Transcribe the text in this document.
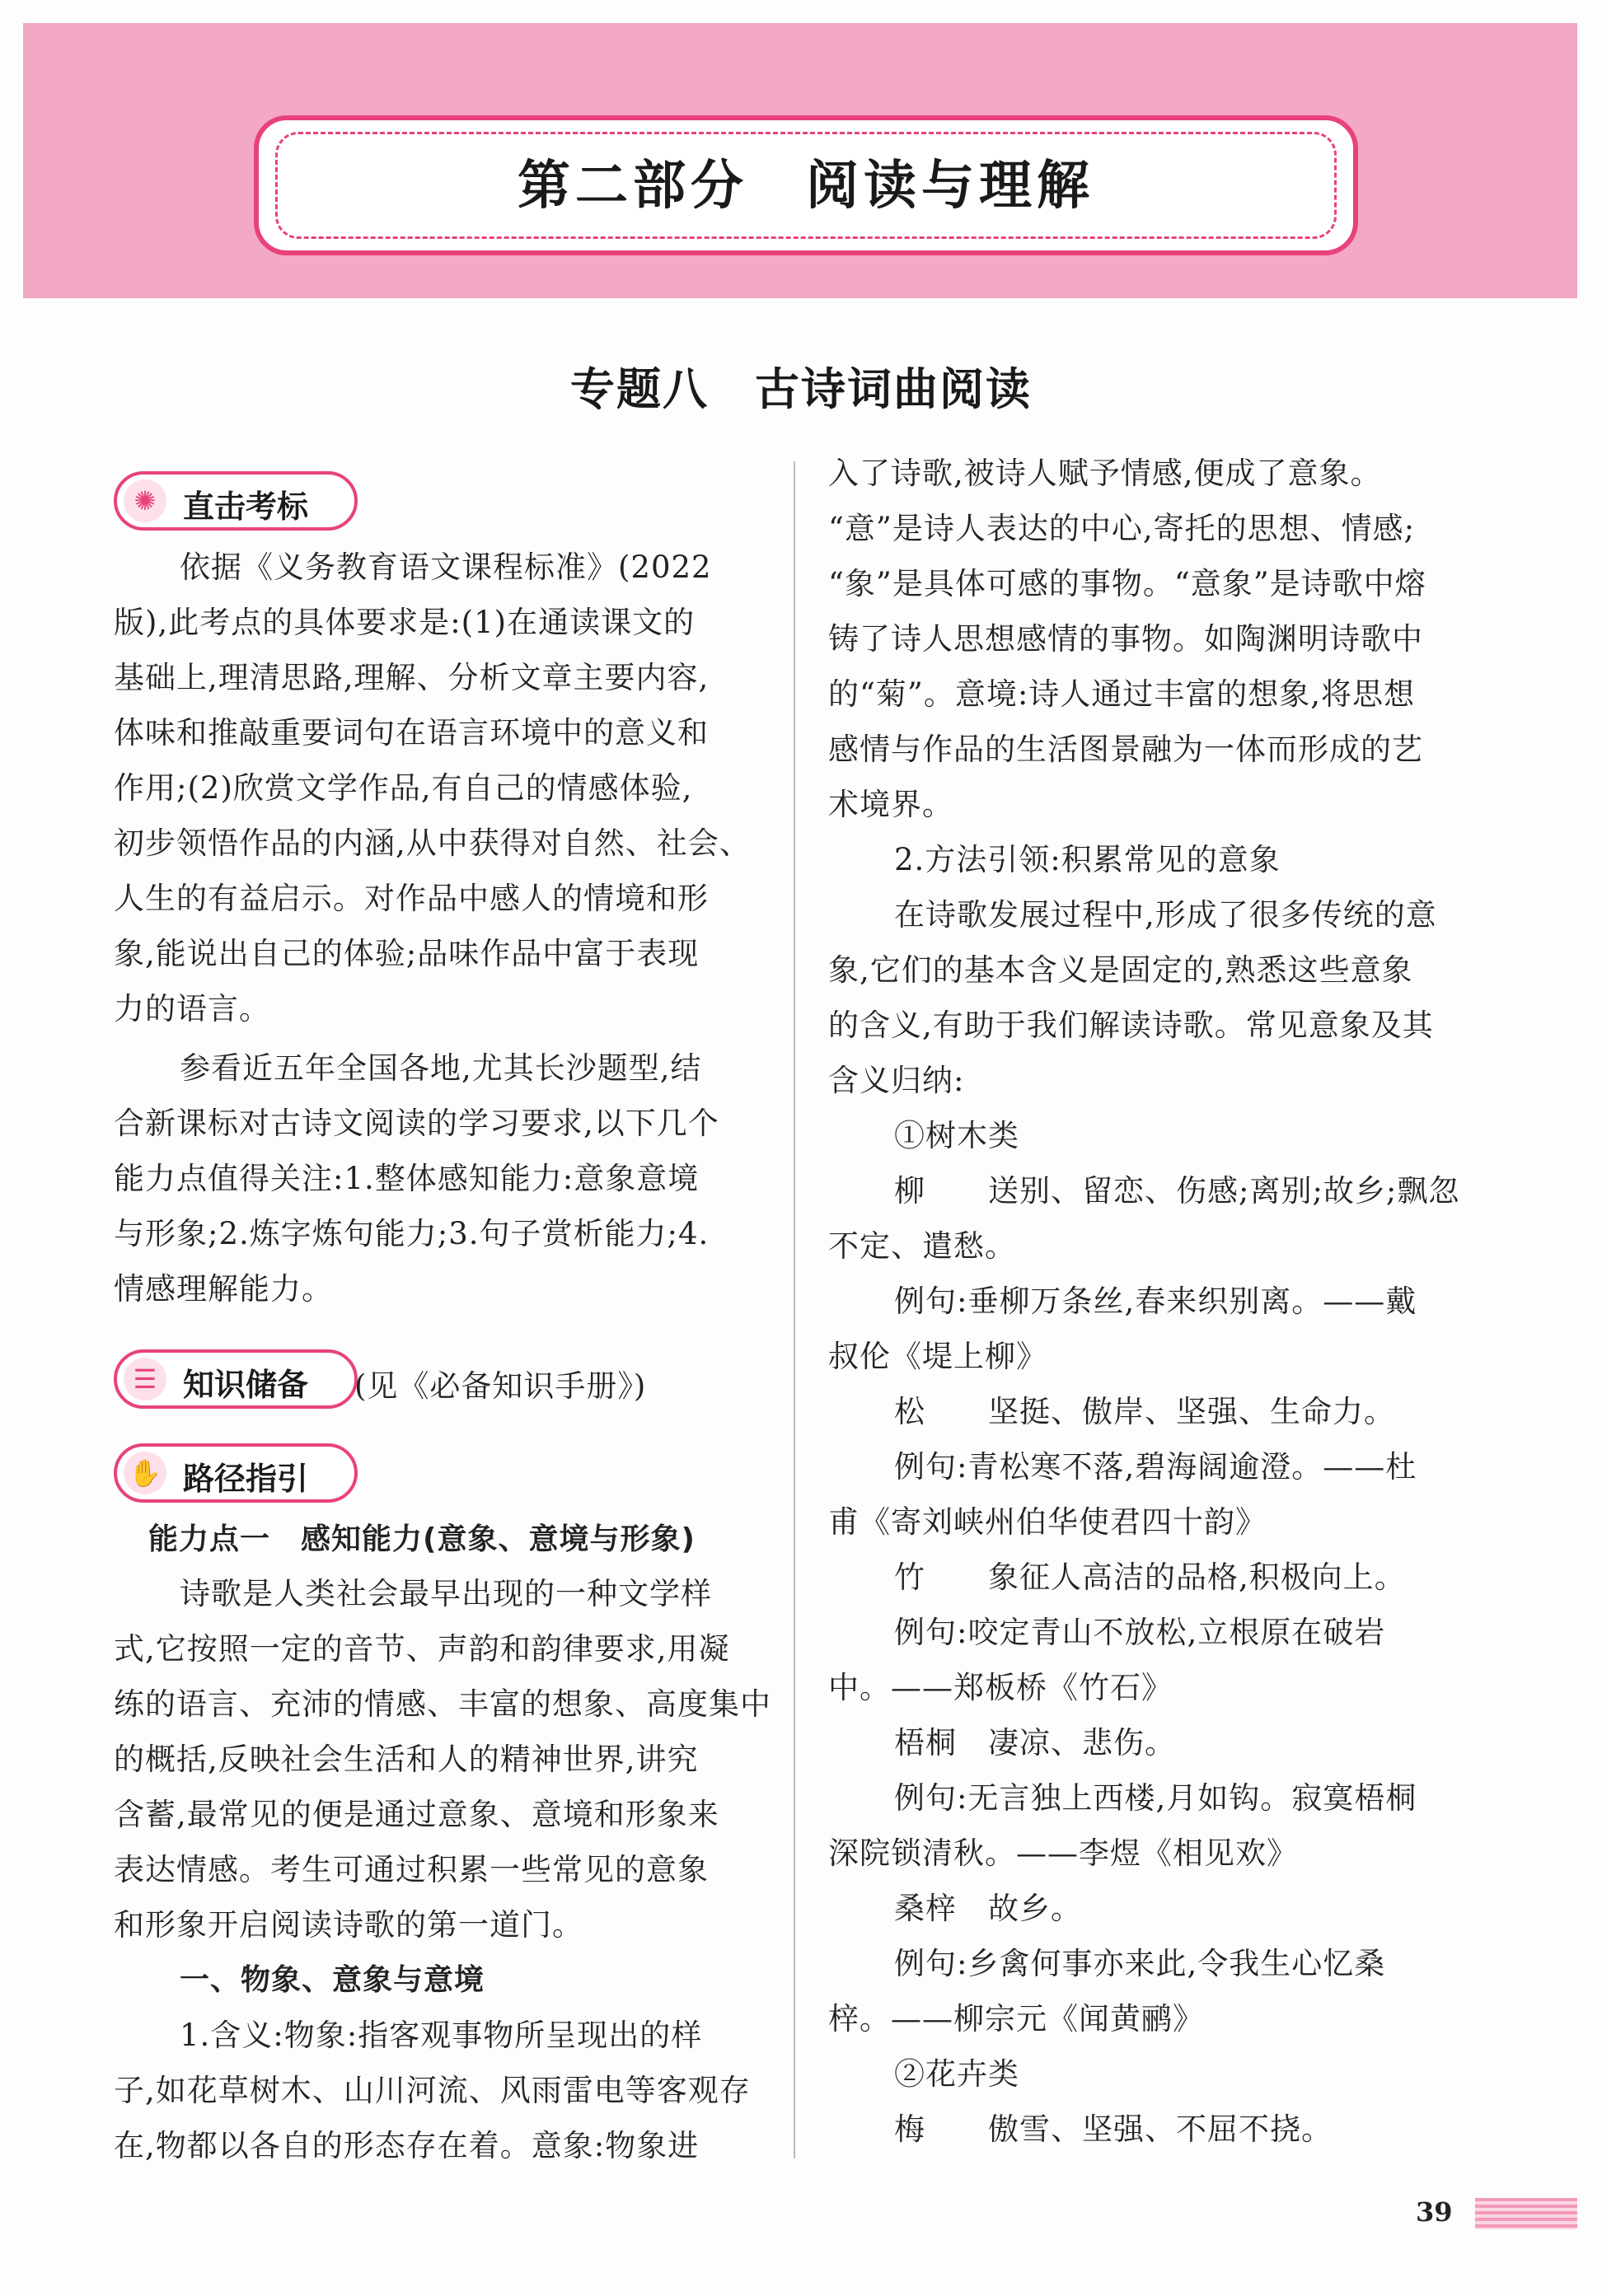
第二部分　阅读与理解
专题八　古诗词曲阅读
✺ 直击考标
依据《义务教育语文课程标准》(2022
版),此考点的具体要求是:(1)在通读课文的
基础上,理清思路,理解、分析文章主要内容,
体味和推敲重要词句在语言环境中的意义和
作用;(2)欣赏文学作品,有自己的情感体验,
初步领悟作品的内涵,从中获得对自然、社会、
人生的有益启示。对作品中感人的情境和形
象,能说出自己的体验;品味作品中富于表现
力的语言。
参看近五年全国各地,尤其长沙题型,结
合新课标对古诗文阅读的学习要求,以下几个
能力点值得关注:1.整体感知能力:意象意境
与形象;2.炼字炼句能力;3.句子赏析能力;4.
情感理解能力。
☰ 知识储备 (见《必备知识手册》)
✋ 路径指引
能力点一　感知能力(意象、意境与形象)
诗歌是人类社会最早出现的一种文学样
式,它按照一定的音节、声韵和韵律要求,用凝
练的语言、充沛的情感、丰富的想象、高度集中
的概括,反映社会生活和人的精神世界,讲究
含蓄,最常见的便是通过意象、意境和形象来
表达情感。考生可通过积累一些常见的意象
和形象开启阅读诗歌的第一道门。
一、物象、意象与意境
1.含义:物象:指客观事物所呈现出的样
子,如花草树木、山川河流、风雨雷电等客观存
在,物都以各自的形态存在着。意象:物象进
入了诗歌,被诗人赋予情感,便成了意象。
“意”是诗人表达的中心,寄托的思想、情感;
“象”是具体可感的事物。“意象”是诗歌中熔
铸了诗人思想感情的事物。如陶渊明诗歌中
的“菊”。意境:诗人通过丰富的想象,将思想
感情与作品的生活图景融为一体而形成的艺
术境界。
2.方法引领:积累常见的意象
在诗歌发展过程中,形成了很多传统的意
象,它们的基本含义是固定的,熟悉这些意象
的含义,有助于我们解读诗歌。常见意象及其
含义归纳:
①树木类
柳　　送别、留恋、伤感;离别;故乡;飘忽
不定、遣愁。
例句:垂柳万条丝,春来织别离。——戴
叔伦《堤上柳》
松　　坚挺、傲岸、坚强、生命力。
例句:青松寒不落,碧海阔逾澄。——杜
甫《寄刘峡州伯华使君四十韵》
竹　　象征人高洁的品格,积极向上。
例句:咬定青山不放松,立根原在破岩
中。——郑板桥《竹石》
梧桐　凄凉、悲伤。
例句:无言独上西楼,月如钩。寂寞梧桐
深院锁清秋。——李煜《相见欢》
桑梓　故乡。
例句:乡禽何事亦来此,令我生心忆桑
梓。——柳宗元《闻黄鹂》
②花卉类
梅　　傲雪、坚强、不屈不挠。
39
